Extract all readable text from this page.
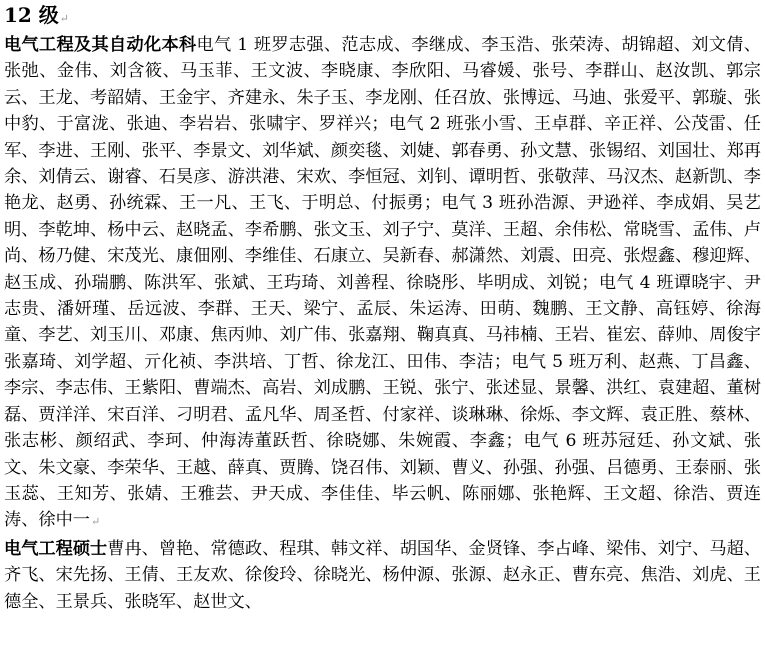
12 级↵

电气工程及其自动化本科电气 1 班罗志强、范志成、李继成、李玉浩、张荣涛、胡锦超、刘文倩、张弛、金伟、刘含筱、马玉菲、王文波、李晓康、李欣阳、马睿媛、张号、李群山、赵汝凯、郭宗云、王龙、考韶婧、王金宇、齐建永、朱子玉、李龙刚、任召放、张博远、马迪、张爱平、郭璇、张中豹、于富泷、张迪、李岩岩、张啸宇、罗祥兴；电气 2 班张小雪、王卓群、辛正祥、公茂雷、任军、李进、王刚、张平、李景文、刘华斌、颜奕毯、刘婕、郭春勇、孙文慧、张锡绍、刘国壮、郑再余、刘倩云、谢睿、石昊彦、游洪港、宋欢、李恒冠、刘钊、谭明哲、张敬萍、马汉杰、赵新凯、李艳龙、赵勇、孙统霖、王一凡、王飞、于明总、付振勇；电气 3 班孙浩源、尹逊祥、李成娟、吴艺明、李乾坤、杨中云、赵晓孟、李希鹏、张文玉、刘子宁、莫洋、王超、余伟松、常晓雪、孟伟、卢尚、杨乃健、宋茂光、康佃刚、李维佳、石康立、吴新春、郝潇然、刘震、田亮、张煜鑫、穆迎辉、赵玉成、孙瑞鹏、陈洪军、张斌、王玙琦、刘善程、徐晓彤、毕明成、刘锐；电气 4 班谭晓宇、尹志贵、潘妍瑾、岳远波、李群、王天、梁宁、孟辰、朱运涛、田萌、魏鹏、王文静、高钰婷、徐海童、李艺、刘玉川、邓康、焦丙帅、刘广伟、张嘉翔、鞠真真、马祎楠、王岩、崔宏、薛帅、周俊宇张嘉琦、刘学超、亓化祯、李洪培、丁哲、徐龙江、田伟、李洁；电气 5 班万利、赵燕、丁昌鑫、李宗、李志伟、王紫阳、曹端杰、高岩、刘成鹏、王锐、张宁、张述显、景馨、洪红、袁建超、董树磊、贾洋洋、宋百洋、刁明君、孟凡华、周圣哲、付家祥、谈琳琳、徐烁、李文辉、袁正胜、蔡林、张志彬、颜绍武、李珂、仲海涛董跃哲、徐晓娜、朱婉霞、李鑫；电气 6 班苏冠廷、孙文斌、张文、朱文豪、李荣华、王越、薛真、贾腾、饶召伟、刘颖、曹义、孙强、孙强、吕德勇、王泰丽、张玉蕊、王知芳、张婧、王雅芸、尹天成、李佳佳、毕云帆、陈丽娜、张艳辉、王文超、徐浩、贾连涛、徐中一↵

电气工程硕士曹冉、曾艳、常德政、程琪、韩文祥、胡国华、金贤锋、李占峰、梁伟、刘宁、马超、齐飞、宋先扬、王倩、王友欢、徐俊玲、徐晓光、杨仲源、张源、赵永正、曹东亮、焦浩、刘虎、王德全、王景兵、张晓军、赵世文、
